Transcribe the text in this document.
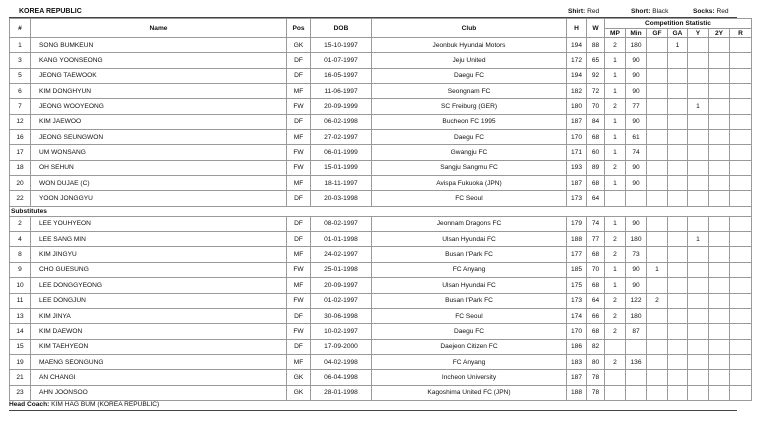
KOREA REPUBLIC	Shirt: Red	Short: Black	Socks: Red
#	Name	Pos	DOB	Club	H	W	Competition Statistic						
							MP	Min	GF	GA	Y	2Y	R
1	SONG BUMKEUN	GK	15-10-1997	Jeonbuk Hyundai Motors	194	88	2	180		1			
3	KANG YOONSEONG	DF	01-07-1997	Jeju United	172	65	1	90					
5	JEONG TAEWOOK	DF	16-05-1997	Daegu FC	194	92	1	90					
6	KIM DONGHYUN	MF	11-06-1997	Seongnam FC	182	72	1	90					
7	JEONG WOOYEONG	FW	20-09-1999	SC Freiburg (GER)	180	70	2	77			1		
12	KIM JAEWOO	DF	06-02-1998	Bucheon FC 1995	187	84	1	90					
16	JEONG SEUNGWON	MF	27-02-1997	Daegu FC	170	68	1	61					
17	UM WONSANG	FW	06-01-1999	Gwangju FC	171	60	1	74					
18	OH SEHUN	FW	15-01-1999	Sangju Sangmu FC	193	89	2	90					
20	WON DUJAE (C)	MF	18-11-1997	Avispa Fukuoka (JPN)	187	68	1	90					
22	YOON JONGGYU	DF	20-03-1998	FC Seoul	173	64							
Substitutes													
2	LEE YOUHYEON	DF	08-02-1997	Jeonnam Dragons FC	179	74	1	90					
4	LEE SANG MIN	DF	01-01-1998	Ulsan Hyundai FC	188	77	2	180			1		
8	KIM JINGYU	MF	24-02-1997	Busan I'Park FC	177	68	2	73					
9	CHO GUESUNG	FW	25-01-1998	FC Anyang	185	70	1	90	1				
10	LEE DONGGYEONG	MF	20-09-1997	Ulsan Hyundai FC	175	68	1	90					
11	LEE DONGJUN	FW	01-02-1997	Busan I'Park FC	173	64	2	122	2				
13	KIM JINYA	DF	30-06-1998	FC Seoul	174	66	2	180					
14	KIM DAEWON	FW	10-02-1997	Daegu FC	170	68	2	87					
15	KIM TAEHYEON	DF	17-09-2000	Daejeon Citizen FC	186	82							
19	MAENG SEONGUNG	MF	04-02-1998	FC Anyang	183	80	2	136					
21	AN CHANGI	GK	06-04-1998	Incheon University	187	78							
23	AHN JOONSOO	GK	28-01-1998	Kagoshima United FC (JPN)	188	78							
Head Coach: KIM HAG BUM (KOREA REPUBLIC)
